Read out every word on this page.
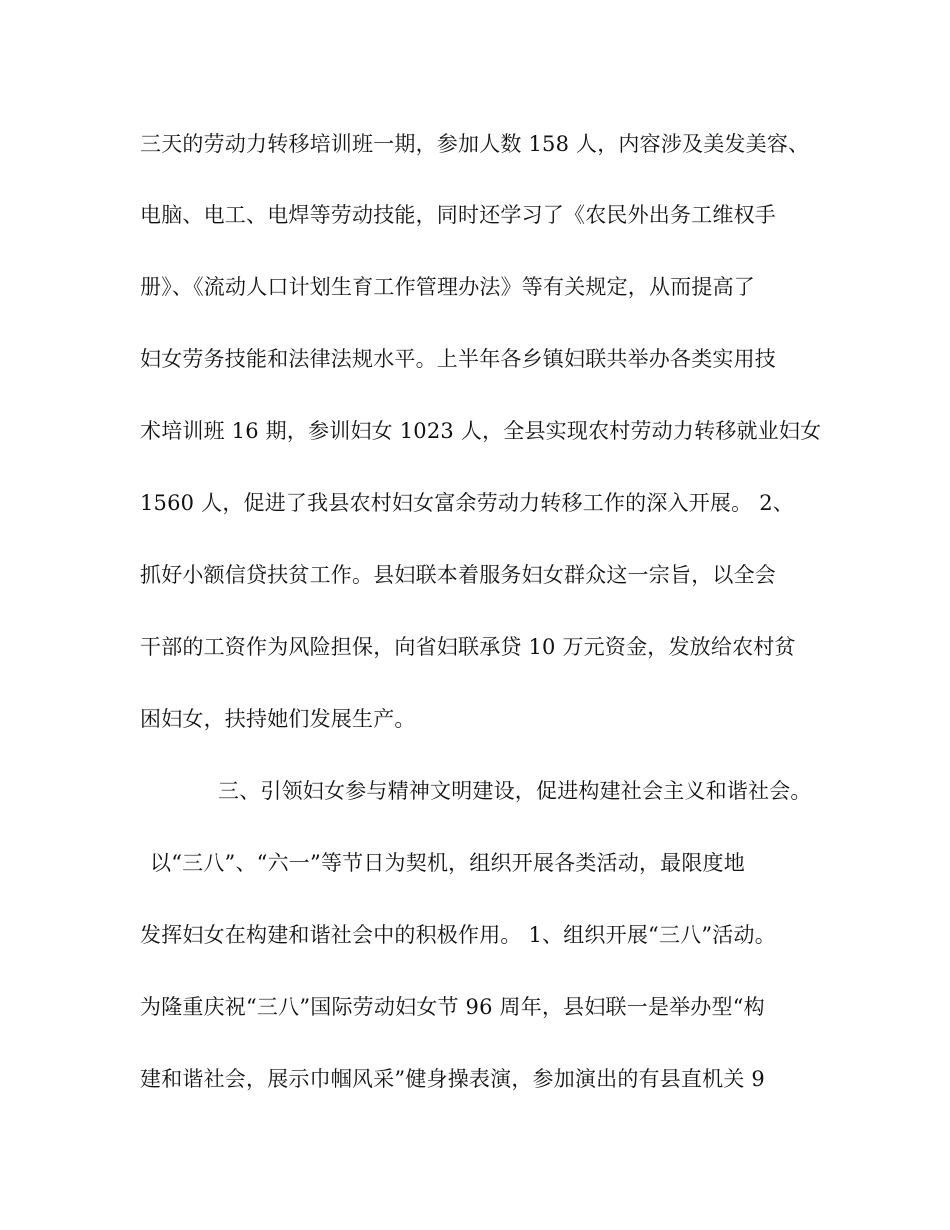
三天的劳动力转移培训班一期，参加人数 158 人，内容涉及美发美容、
电脑、电工、电焊等劳动技能，同时还学习了《农民外出务工维权手
册》、《流动人口计划生育工作管理办法》等有关规定，从而提高了
妇女劳务技能和法律法规水平。上半年各乡镇妇联共举办各类实用技
术培训班 16 期，参训妇女 1023 人，全县实现农村劳动力转移就业妇女
1560 人，促进了我县农村妇女富余劳动力转移工作的深入开展。 2、
抓好小额信贷扶贫工作。县妇联本着服务妇女群众这一宗旨，以全会
干部的工资作为风险担保，向省妇联承贷 10 万元资金，发放给农村贫
困妇女，扶持她们发展生产。
三、引领妇女参与精神文明建设，促进构建社会主义和谐社会。
以“三八”、“六一”等节日为契机，组织开展各类活动，最限度地
发挥妇女在构建和谐社会中的积极作用。 1、组织开展“三八”活动。
为隆重庆祝“三八”国际劳动妇女节 96 周年，县妇联一是举办型“构
建和谐社会，展示巾帼风采”健身操表演，参加演出的有县直机关 9
